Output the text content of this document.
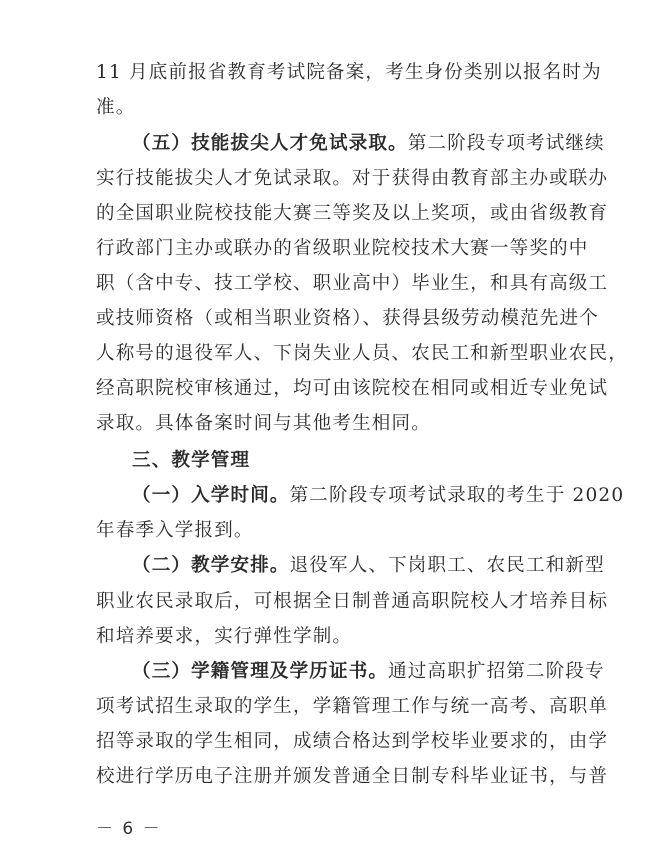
11 月底前报省教育考试院备案，考生身份类别以报名时为
准。
（五）技能拔尖人才免试录取。第二阶段专项考试继续
实行技能拔尖人才免试录取。对于获得由教育部主办或联办
的全国职业院校技能大赛三等奖及以上奖项，或由省级教育
行政部门主办或联办的省级职业院校技术大赛一等奖的中
职（含中专、技工学校、职业高中）毕业生，和具有高级工
或技师资格（或相当职业资格）、获得县级劳动模范先进个
人称号的退役军人、下岗失业人员、农民工和新型职业农民，
经高职院校审核通过，均可由该院校在相同或相近专业免试
录取。具体备案时间与其他考生相同。
三、教学管理
（一）入学时间。第二阶段专项考试录取的考生于 2020
年春季入学报到。
（二）教学安排。退役军人、下岗职工、农民工和新型
职业农民录取后，可根据全日制普通高职院校人才培养目标
和培养要求，实行弹性学制。
（三）学籍管理及学历证书。通过高职扩招第二阶段专
项考试招生录取的学生，学籍管理工作与统一高考、高职单
招等录取的学生相同，成绩合格达到学校毕业要求的，由学
校进行学历电子注册并颁发普通全日制专科毕业证书，与普
－ 6 －
